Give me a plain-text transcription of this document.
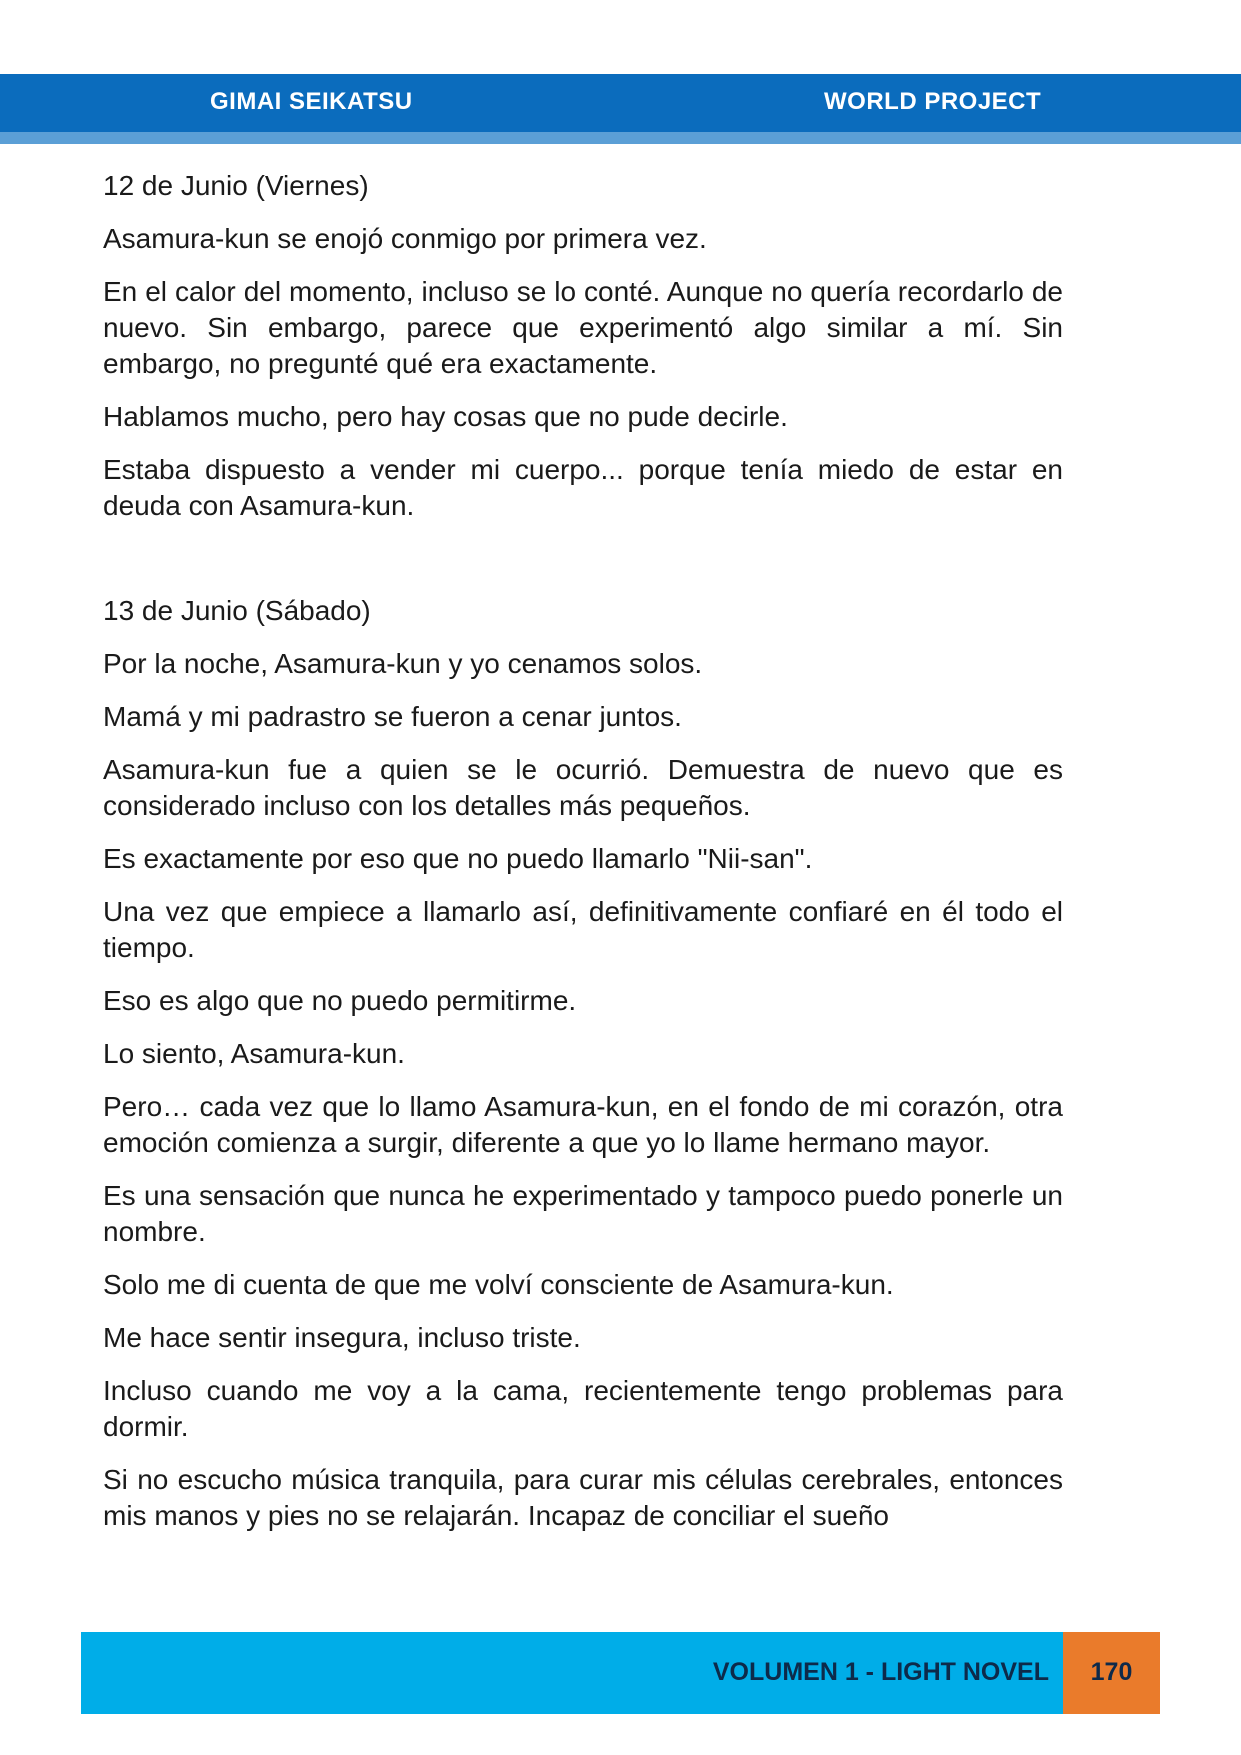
GIMAI SEIKATSU	WORLD PROJECT

12 de Junio (Viernes)

Asamura-kun se enojó conmigo por primera vez.

En el calor del momento, incluso se lo conté. Aunque no quería recordarlo de nuevo. Sin embargo, parece que experimentó algo similar a mí. Sin embargo, no pregunté qué era exactamente.

Hablamos mucho, pero hay cosas que no pude decirle.

Estaba dispuesto a vender mi cuerpo... porque tenía miedo de estar en deuda con Asamura-kun.

13 de Junio (Sábado)

Por la noche, Asamura-kun y yo cenamos solos.

Mamá y mi padrastro se fueron a cenar juntos.

Asamura-kun fue a quien se le ocurrió. Demuestra de nuevo que es considerado incluso con los detalles más pequeños.

Es exactamente por eso que no puedo llamarlo "Nii-san".

Una vez que empiece a llamarlo así, definitivamente confiaré en él todo el tiempo.

Eso es algo que no puedo permitirme.

Lo siento, Asamura-kun.

Pero… cada vez que lo llamo Asamura-kun, en el fondo de mi corazón, otra emoción comienza a surgir, diferente a que yo lo llame hermano mayor.

Es una sensación que nunca he experimentado y tampoco puedo ponerle un nombre.

Solo me di cuenta de que me volví consciente de Asamura-kun.

Me hace sentir insegura, incluso triste.

Incluso cuando me voy a la cama, recientemente tengo problemas para dormir.

Si no escucho música tranquila, para curar mis células cerebrales, entonces mis manos y pies no se relajarán. Incapaz de conciliar el sueño

VOLUMEN 1 - LIGHT NOVEL	170
